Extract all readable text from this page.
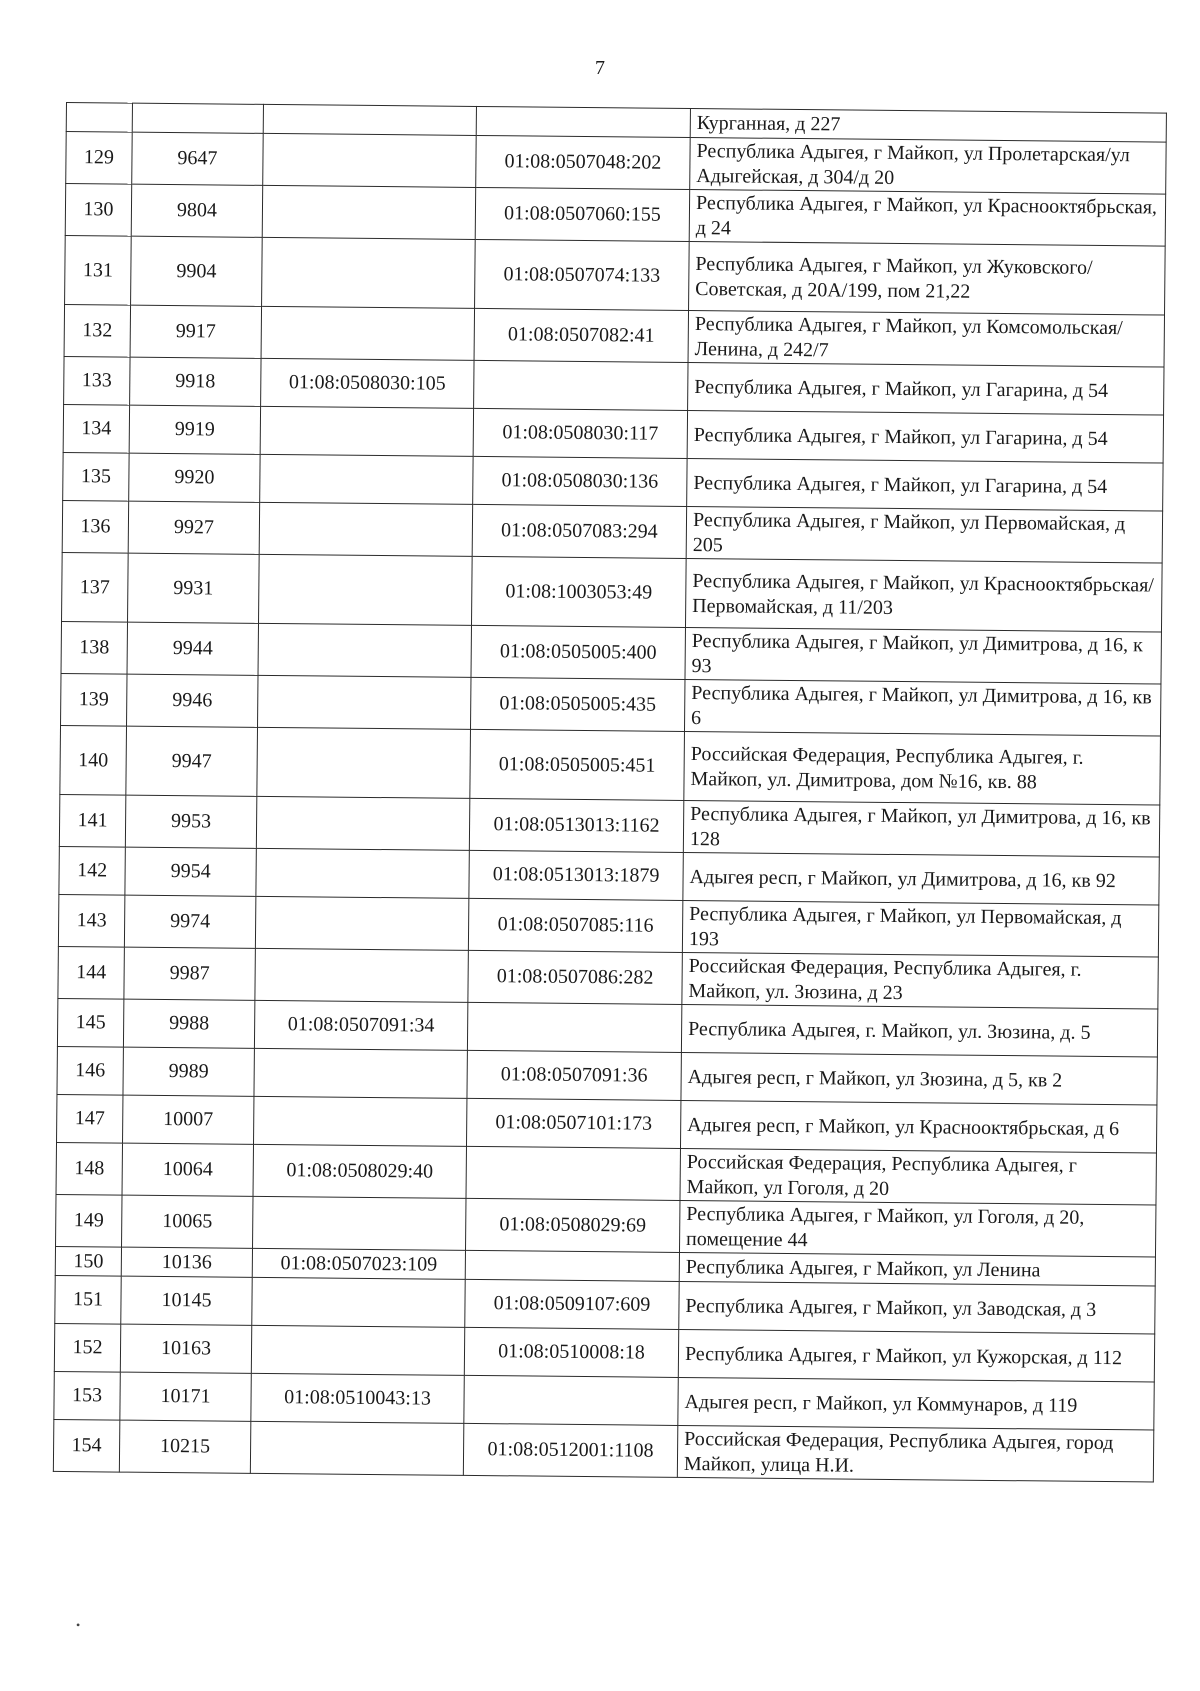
7
				Курганная, д 227
129	9647		01:08:0507048:202	Республика Адыгея, г Майкоп, ул Пролетарская/ул Адыгейская, д 304/д 20
130	9804		01:08:0507060:155	Республика Адыгея, г Майкоп, ул Краснооктябрьская, д 24
131	9904		01:08:0507074:133	Республика Адыгея, г Майкоп, ул Жуковского/Советская, д 20А/199, пом 21,22
132	9917		01:08:0507082:41	Республика Адыгея, г Майкоп, ул Комсомольская/Ленина, д 242/7
133	9918	01:08:0508030:105		Республика Адыгея, г Майкоп, ул Гагарина, д 54
134	9919		01:08:0508030:117	Республика Адыгея, г Майкоп, ул Гагарина, д 54
135	9920		01:08:0508030:136	Республика Адыгея, г Майкоп, ул Гагарина, д 54
136	9927		01:08:0507083:294	Республика Адыгея, г Майкоп, ул Первомайская, д 205
137	9931		01:08:1003053:49	Республика Адыгея, г Майкоп, ул Краснооктябрьская/Первомайская, д 11/203
138	9944		01:08:0505005:400	Республика Адыгея, г Майкоп, ул Димитрова, д 16, к 93
139	9946		01:08:0505005:435	Республика Адыгея, г Майкоп, ул Димитрова, д 16, кв 6
140	9947		01:08:0505005:451	Российская Федерация, Республика Адыгея, г. Майкоп, ул. Димитрова, дом №16, кв. 88
141	9953		01:08:0513013:1162	Республика Адыгея, г Майкоп, ул Димитрова, д 16, кв 128
142	9954		01:08:0513013:1879	Адыгея респ, г Майкоп, ул Димитрова, д 16, кв 92
143	9974		01:08:0507085:116	Республика Адыгея, г Майкоп, ул Первомайская, д 193
144	9987		01:08:0507086:282	Российская Федерация, Республика Адыгея, г. Майкоп, ул. Зюзина, д 23
145	9988	01:08:0507091:34		Республика Адыгея, г. Майкоп, ул. Зюзина, д. 5
146	9989		01:08:0507091:36	Адыгея респ, г Майкоп, ул Зюзина, д 5, кв 2
147	10007		01:08:0507101:173	Адыгея респ, г Майкоп, ул Краснооктябрьская, д 6
148	10064	01:08:0508029:40		Российская Федерация, Республика Адыгея, г Майкоп, ул Гоголя, д 20
149	10065		01:08:0508029:69	Республика Адыгея, г Майкоп, ул Гоголя, д 20, помещение 44
150	10136	01:08:0507023:109		Республика Адыгея, г Майкоп, ул Ленина
151	10145		01:08:0509107:609	Республика Адыгея, г Майкоп, ул Заводская, д 3
152	10163		01:08:0510008:18	Республика Адыгея, г Майкоп, ул Кужорская, д 112
153	10171	01:08:0510043:13		Адыгея респ, г Майкоп, ул Коммунаров, д 119
154	10215		01:08:0512001:1108	Российская Федерация, Республика Адыгея, город Майкоп, улица Н.И.
•
